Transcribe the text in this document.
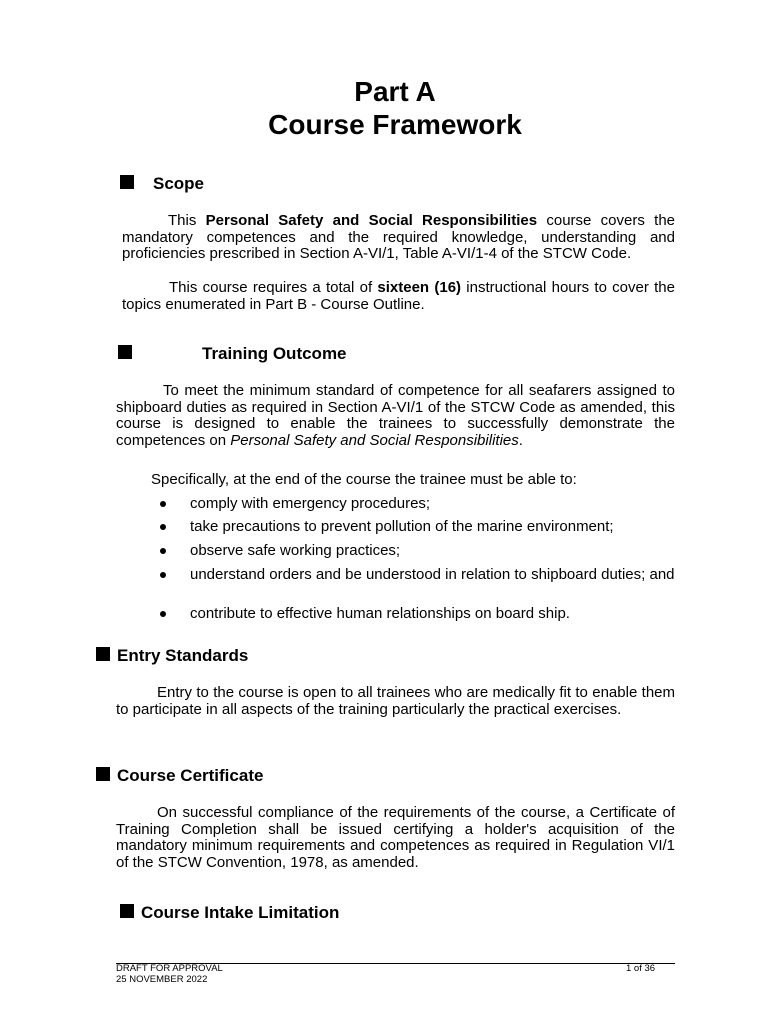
Part A
Course Framework
Scope
This Personal Safety and Social Responsibilities course covers the mandatory competences and the required knowledge, understanding and proficiencies prescribed in Section A-VI/1, Table A-VI/1-4 of the STCW Code.
This course requires a total of sixteen (16) instructional hours to cover the topics enumerated in Part B - Course Outline.
Training Outcome
To meet the minimum standard of competence for all seafarers assigned to shipboard duties as required in Section A-VI/1 of the STCW Code as amended, this course is designed to enable the trainees to successfully demonstrate the competences on Personal Safety and Social Responsibilities.
Specifically, at the end of the course the trainee must be able to:
comply with emergency procedures;
take precautions to prevent pollution of the marine environment;
observe safe working practices;
understand orders and be understood in relation to shipboard duties; and
contribute to effective human relationships on board ship.
Entry Standards
Entry to the course is open to all trainees who are medically fit to enable them to participate in all aspects of the training particularly the practical exercises.
Course Certificate
On successful compliance of the requirements of the course, a Certificate of Training Completion shall be issued certifying a holder's acquisition of the mandatory minimum requirements and competences as required in Regulation VI/1 of the STCW Convention, 1978, as amended.
Course Intake Limitation
DRAFT FOR APPROVAL
25 NOVEMBER 2022
1 of 36
